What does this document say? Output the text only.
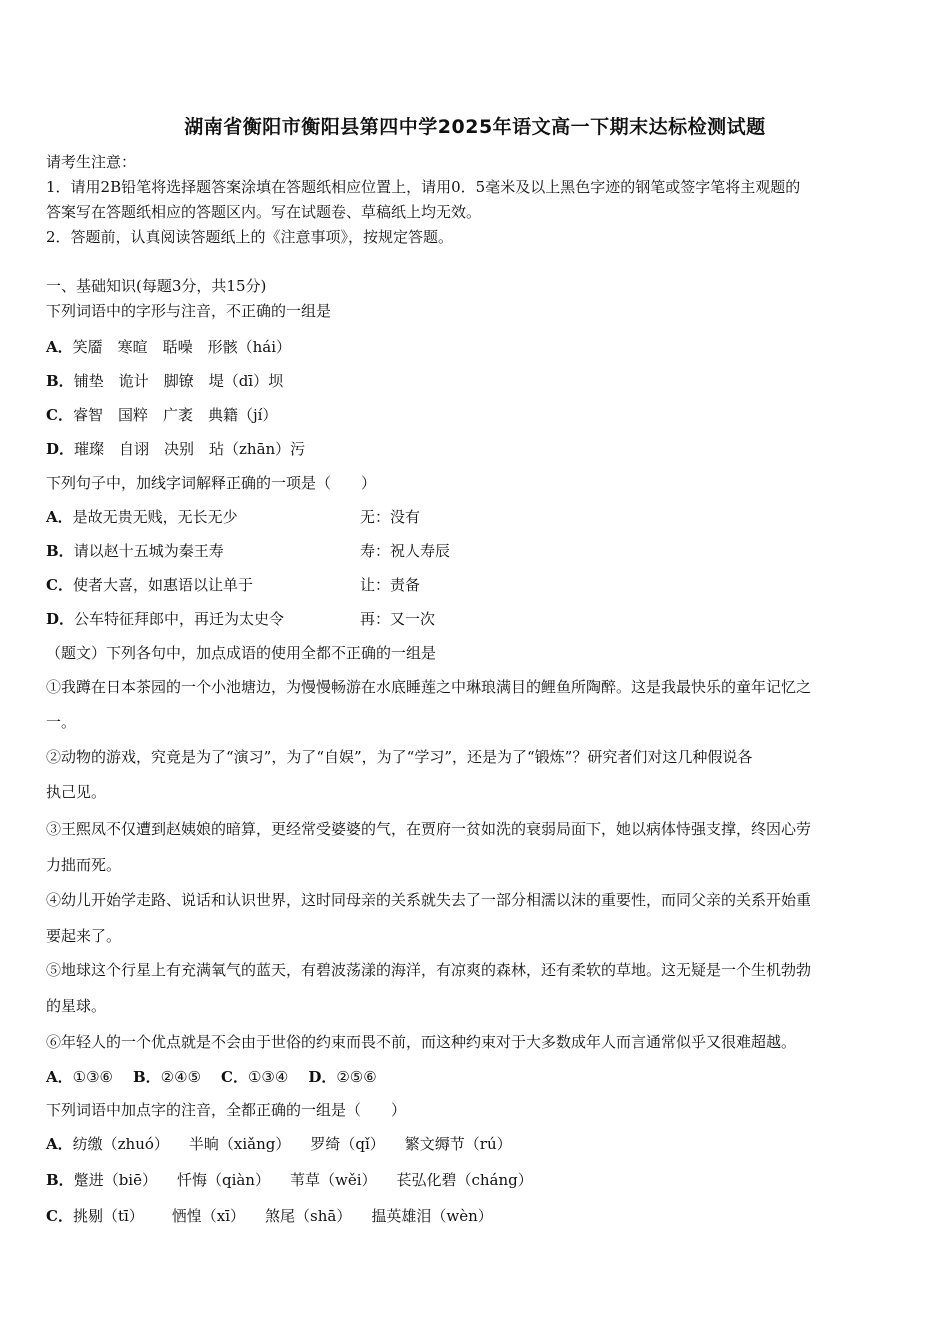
湖南省衡阳市衡阳县第四中学2025年语文高一下期末达标检测试题
请考生注意：
1．请用2B铅笔将选择题答案涂填在答题纸相应位置上，请用0．5毫米及以上黑色字迹的钢笔或签字笔将主观题的
答案写在答题纸相应的答题区内。写在试题卷、草稿纸上均无效。
2．答题前，认真阅读答题纸上的《注意事项》，按规定答题。
一、基础知识(每题3分，共15分)
下列词语中的字形与注音，不正确的一组是
A．笑靥　寒暄　聒噪　形骸（hái）
B．铺垫　诡计　脚镣　堤（dī）坝
C．睿智　国粹　广袤　典籍（jí）
D．璀璨　自诩　决别　玷（zhān）污
下列句子中，加线字词解释正确的一项是（　　）
A．是故无贵无贱，无长无少	无：没有
B．请以赵十五城为秦王寿	寿：祝人寿辰
C．使者大喜，如惠语以让单于	让：责备
D．公车特征拜郎中，再迁为太史令	再：又一次
（题文）下列各句中，加点成语的使用全都不正确的一组是
①我蹲在日本茶园的一个小池塘边，为慢慢畅游在水底睡莲之中琳琅满目的鲤鱼所陶醉。这是我最快乐的童年记忆之
一。
②动物的游戏，究竟是为了“演习”，为了“自娱”，为了“学习”，还是为了“锻炼”？研究者们对这几种假说各
执己见。
③王熙凤不仅遭到赵姨娘的暗算，更经常受婆婆的气，在贾府一贫如洗的衰弱局面下，她以病体恃强支撑，终因心劳
力拙而死。
④幼儿开始学走路、说话和认识世界，这时同母亲的关系就失去了一部分相濡以沫的重要性，而同父亲的关系开始重
要起来了。
⑤地球这个行星上有充满氧气的蓝天，有碧波荡漾的海洋，有凉爽的森林，还有柔软的草地。这无疑是一个生机勃勃
的星球。
⑥年轻人的一个优点就是不会由于世俗的约束而畏不前，而这种约束对于大多数成年人而言通常似乎又很难超越。
A．①③⑥ B．②④⑤ C．①③④ D．②⑤⑥
下列词语中加点字的注音，全都正确的一组是（　　）
A．纺缴（zhuó） 半晌（xiǎng） 罗绮（qǐ） 繁文缛节（rú）
B．蹩进（biē） 忏悔（qiàn） 苇草（wěi） 苌弘化碧（cháng）
C．挑剔（tī） 恓惶（xī） 煞尾（shā） 揾英雄泪（wèn）
